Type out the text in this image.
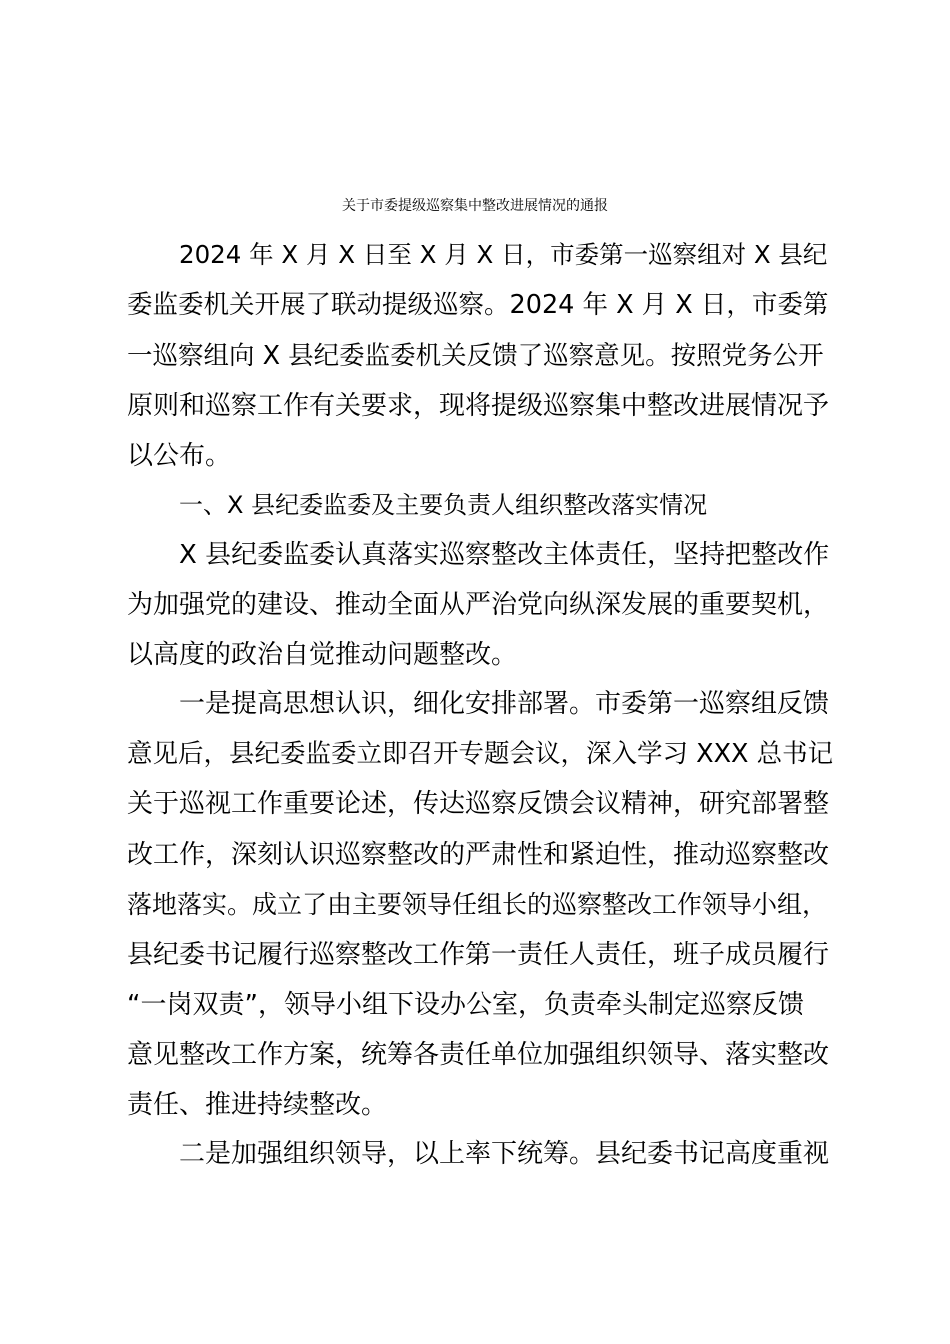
关于市委提级巡察集中整改进展情况的通报
2024 年 X 月 X 日至 X 月 X 日，市委第一巡察组对 X 县纪
委监委机关开展了联动提级巡察。2024 年 X 月 X 日，市委第
一巡察组向 X 县纪委监委机关反馈了巡察意见。按照党务公开
原则和巡察工作有关要求，现将提级巡察集中整改进展情况予
以公布。
一、X 县纪委监委及主要负责人组织整改落实情况
X 县纪委监委认真落实巡察整改主体责任，坚持把整改作
为加强党的建设、推动全面从严治党向纵深发展的重要契机，
以高度的政治自觉推动问题整改。
一是提高思想认识，细化安排部署。市委第一巡察组反馈
意见后，县纪委监委立即召开专题会议，深入学习 XXX 总书记
关于巡视工作重要论述，传达巡察反馈会议精神，研究部署整
改工作，深刻认识巡察整改的严肃性和紧迫性，推动巡察整改
落地落实。成立了由主要领导任组长的巡察整改工作领导小组，
县纪委书记履行巡察整改工作第一责任人责任，班子成员履行
“一岗双责”，领导小组下设办公室，负责牵头制定巡察反馈
意见整改工作方案，统筹各责任单位加强组织领导、落实整改
责任、推进持续整改。
二是加强组织领导，以上率下统筹。县纪委书记高度重视
